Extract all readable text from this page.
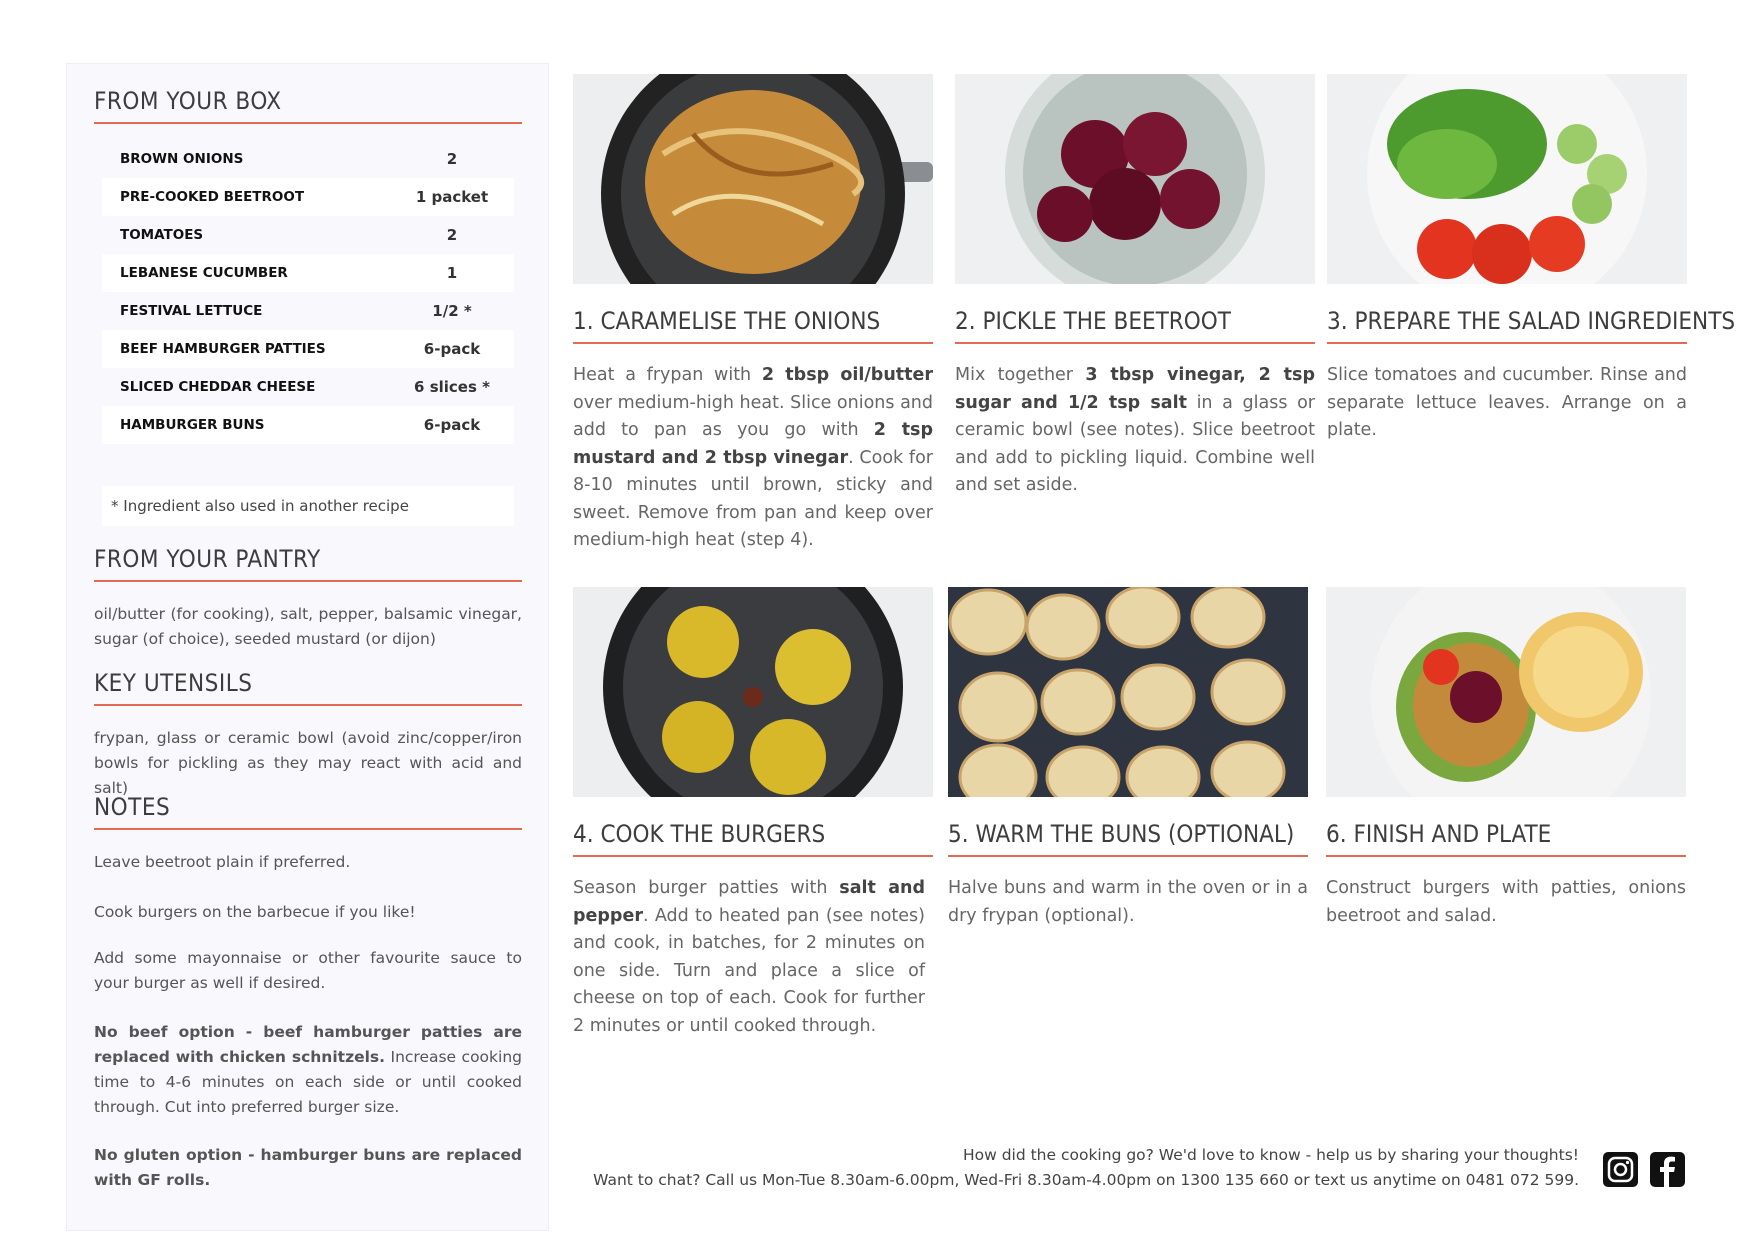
FROM YOUR BOX
BROWN ONIONS	2
PRE-COOKED BEETROOT	1 packet
TOMATOES	2
LEBANESE CUCUMBER	1
FESTIVAL LETTUCE	1/2 *
BEEF HAMBURGER PATTIES	6-pack
SLICED CHEDDAR CHEESE	6 slices *
HAMBURGER BUNS	6-pack
* Ingredient also used in another recipe
FROM YOUR PANTRY
oil/butter (for cooking), salt, pepper, balsamic vinegar, sugar (of choice), seeded mustard (or dijon)
KEY UTENSILS
frypan, glass or ceramic bowl (avoid zinc/copper/iron bowls for pickling as they may react with acid and salt)
NOTES
Leave beetroot plain if preferred.
Cook burgers on the barbecue if you like!
Add some mayonnaise or other favourite sauce to your burger as well if desired.
No beef option - beef hamburger patties are replaced with chicken schnitzels. Increase cooking time to 4-6 minutes on each side or until cooked through. Cut into preferred burger size.
No gluten option - hamburger buns are replaced with GF rolls.
1. CARAMELISE THE ONIONS
Heat a frypan with 2 tbsp oil/butter over medium-high heat. Slice onions and add to pan as you go with 2 tsp mustard and 2 tbsp vinegar. Cook for 8-10 minutes until brown, sticky and sweet. Remove from pan and keep over medium-high heat (step 4).
2. PICKLE THE BEETROOT
Mix together 3 tbsp vinegar, 2 tsp sugar and 1/2 tsp salt in a glass or ceramic bowl (see notes). Slice beetroot and add to pickling liquid. Combine well and set aside.
3. PREPARE THE SALAD INGREDIENTS
Slice tomatoes and cucumber. Rinse and separate lettuce leaves. Arrange on a plate.
4. COOK THE BURGERS
Season burger patties with salt and pepper. Add to heated pan (see notes) and cook, in batches, for 2 minutes on one side. Turn and place a slice of cheese on top of each. Cook for further 2 minutes or until cooked through.
5. WARM THE BUNS (OPTIONAL)
Halve buns and warm in the oven or in a dry frypan (optional).
6. FINISH AND PLATE
Construct burgers with patties, onions beetroot and salad.
How did the cooking go? We'd love to know - help us by sharing your thoughts!
Want to chat? Call us Mon-Tue 8.30am-6.00pm, Wed-Fri 8.30am-4.00pm on 1300 135 660 or text us anytime on 0481 072 599.
